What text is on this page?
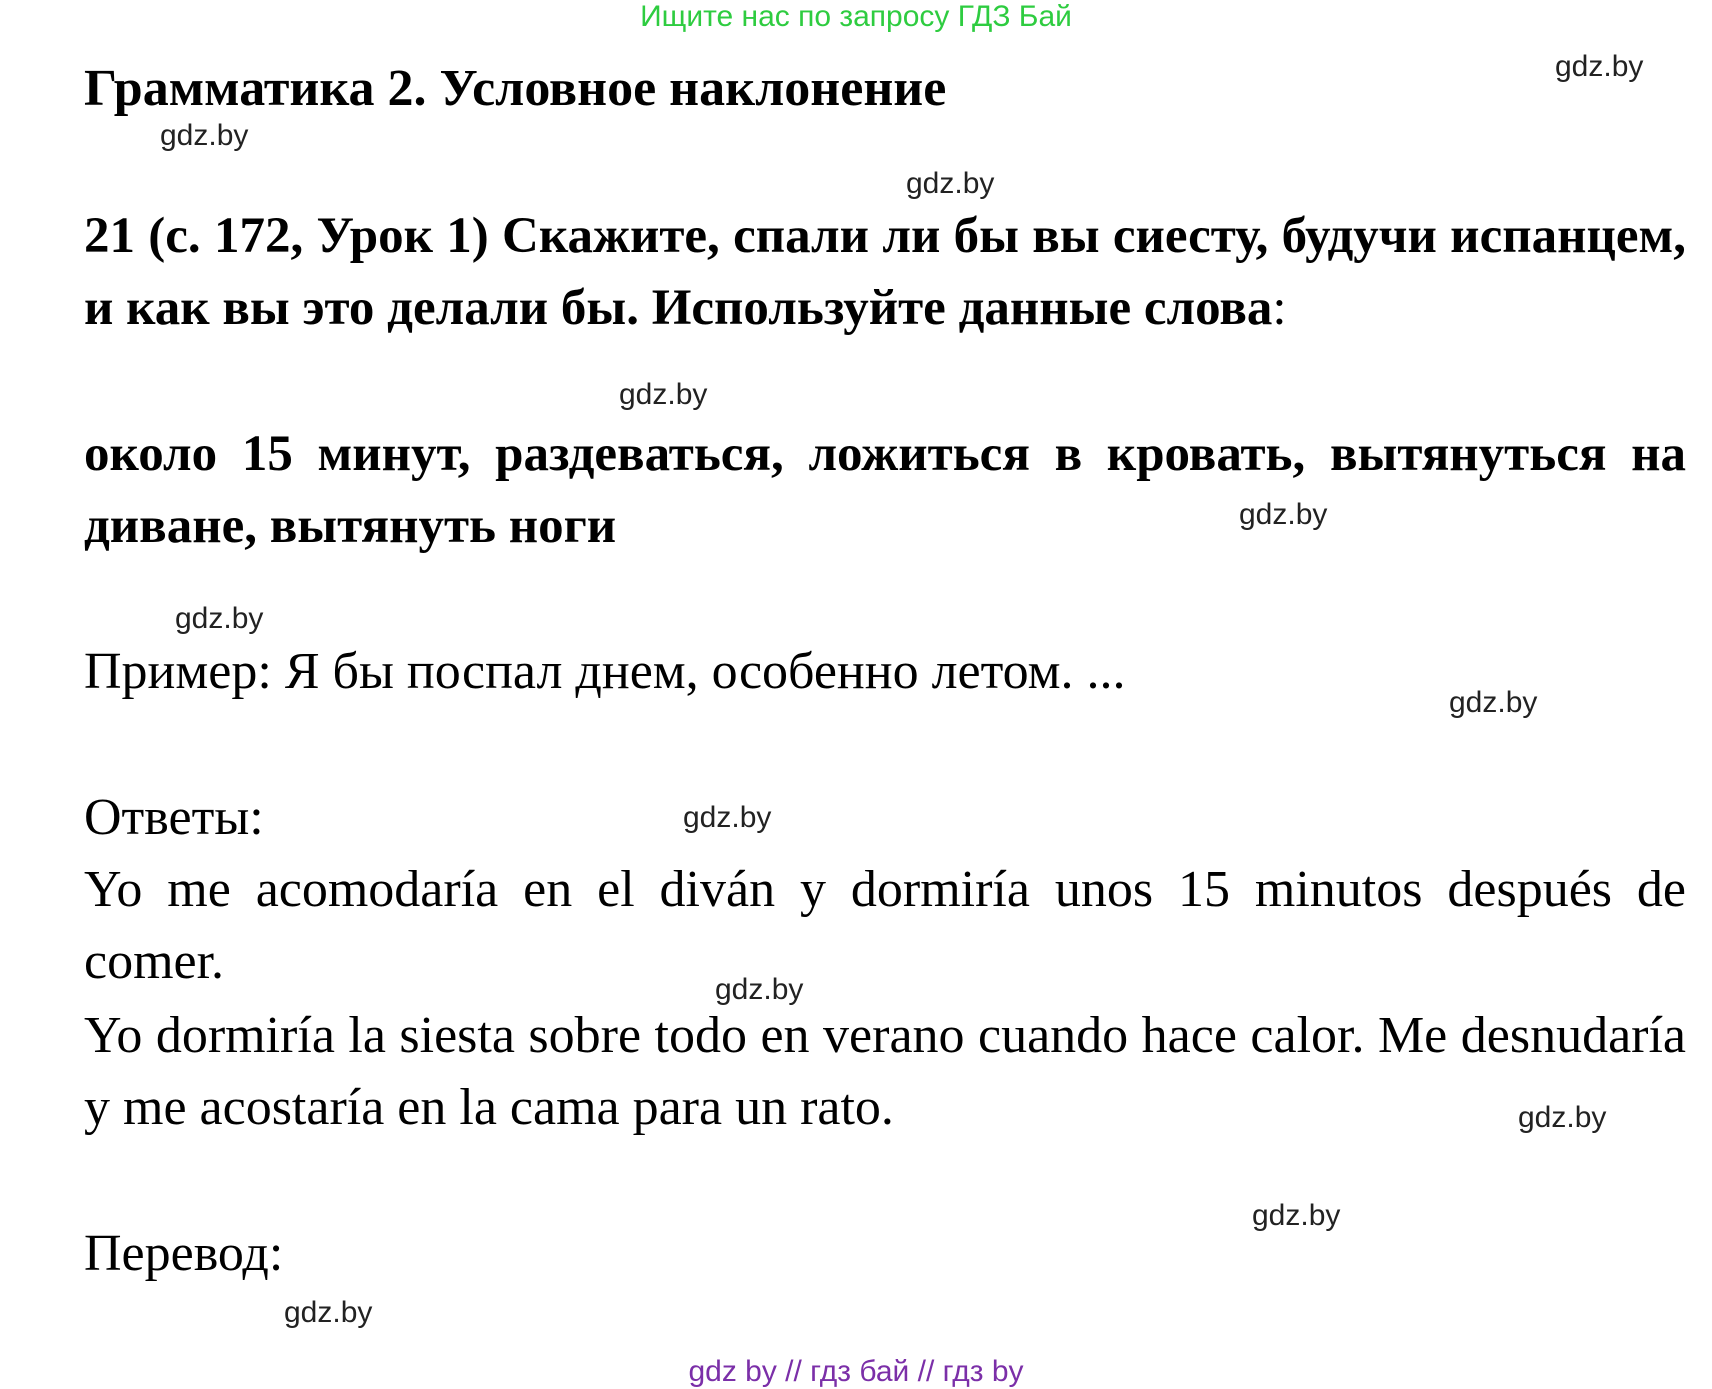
Ищите нас по запросу ГДЗ Бай
Грамматика 2. Условное наклонение
21 (с. 172, Урок 1) Скажите, спали ли бы вы сиесту, будучи испанцем, и как вы это делали бы. Используйте данные слова:
около 15 минут, раздеваться, ложиться в кровать, вытянуться на диване, вытянуть ноги
Пример: Я бы поспал днем, особенно летом. ...
Ответы:
Yo me acomodaría en el diván y dormiría unos 15 minutos después de comer.
Yo dormiría la siesta sobre todo en verano cuando hace calor. Me desnudaría y me acostaría en la cama para un rato.
Перевод:
gdz.by
gdz.by
gdz.by
gdz.by
gdz.by
gdz.by
gdz.by
gdz.by
gdz.by
gdz.by
gdz.by
gdz.by
gdz by // гдз бай // гдз by
